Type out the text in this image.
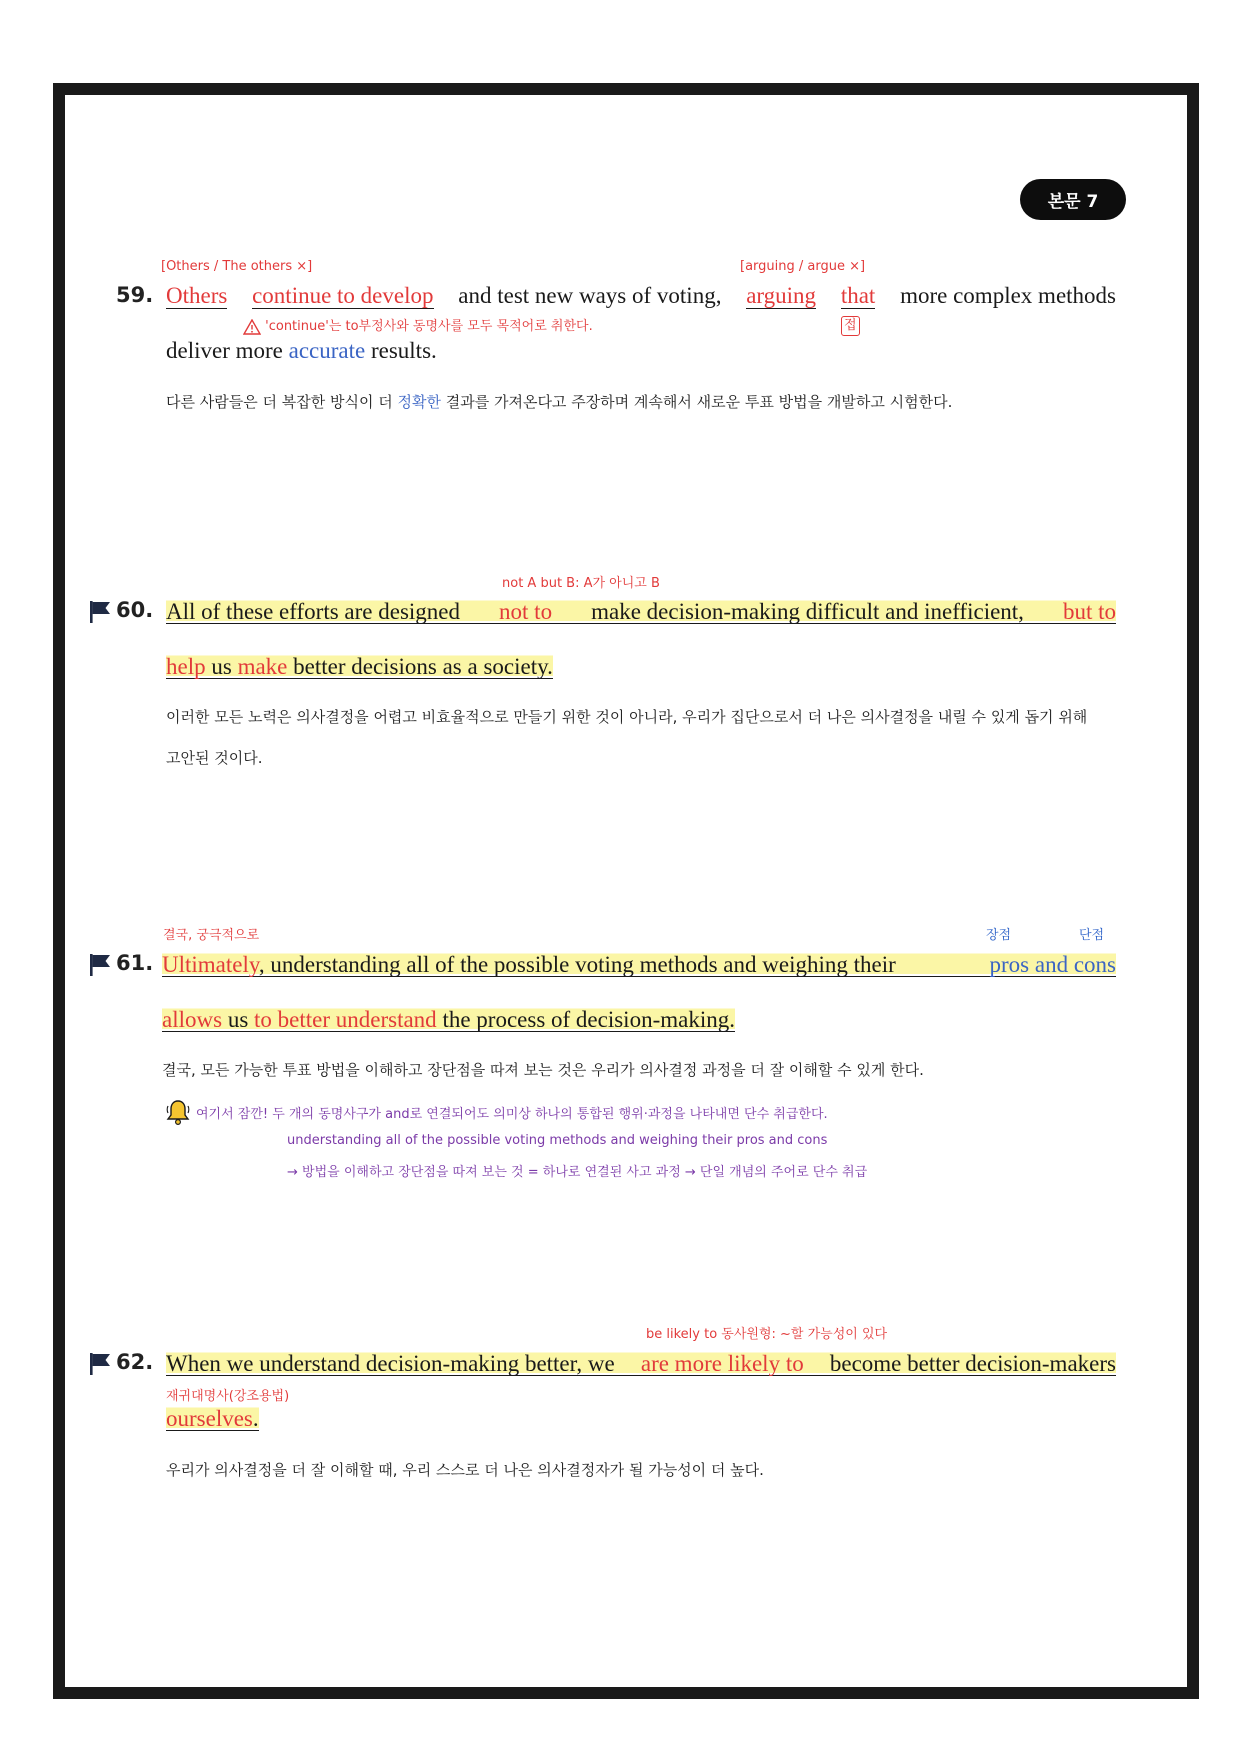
본문 7
[Others / The others ×]	[arguing / argue ×]
59. Others continue to develop and test new ways of voting, arguing that more complex methods
'continue'는 to부정사와 동명사를 모두 목적어로 취한다.	접
deliver more accurate results.
다른 사람들은 더 복잡한 방식이 더 정확한 결과를 가져온다고 주장하며 계속해서 새로운 투표 방법을 개발하고 시험한다.
not A but B: A가 아니고 B
60. All of these efforts are designed not to make decision-making difficult and inefficient, but to
help us make better decisions as a society.
이러한 모든 노력은 의사결정을 어렵고 비효율적으로 만들기 위한 것이 아니라, 우리가 집단으로서 더 나은 의사결정을 내릴 수 있게 돕기 위해
고안된 것이다.
결국, 궁극적으로	장점	단점
61. Ultimately, understanding all of the possible voting methods and weighing their	pros and cons
allows us to better understand the process of decision-making.
결국, 모든 가능한 투표 방법을 이해하고 장단점을 따져 보는 것은 우리가 의사결정 과정을 더 잘 이해할 수 있게 한다.
여기서 잠깐! 두 개의 동명사구가 and로 연결되어도 의미상 하나의 통합된 행위·과정을 나타내면 단수 취급한다.
understanding all of the possible voting methods and weighing their pros and cons
→ 방법을 이해하고 장단점을 따져 보는 것 = 하나로 연결된 사고 과정 → 단일 개념의 주어로 단수 취급
be likely to 동사원형: ~할 가능성이 있다
62. When we understand decision-making better, we are more likely to become better decision-makers
재귀대명사(강조용법)
ourselves.
우리가 의사결정을 더 잘 이해할 때, 우리 스스로 더 나은 의사결정자가 될 가능성이 더 높다.
